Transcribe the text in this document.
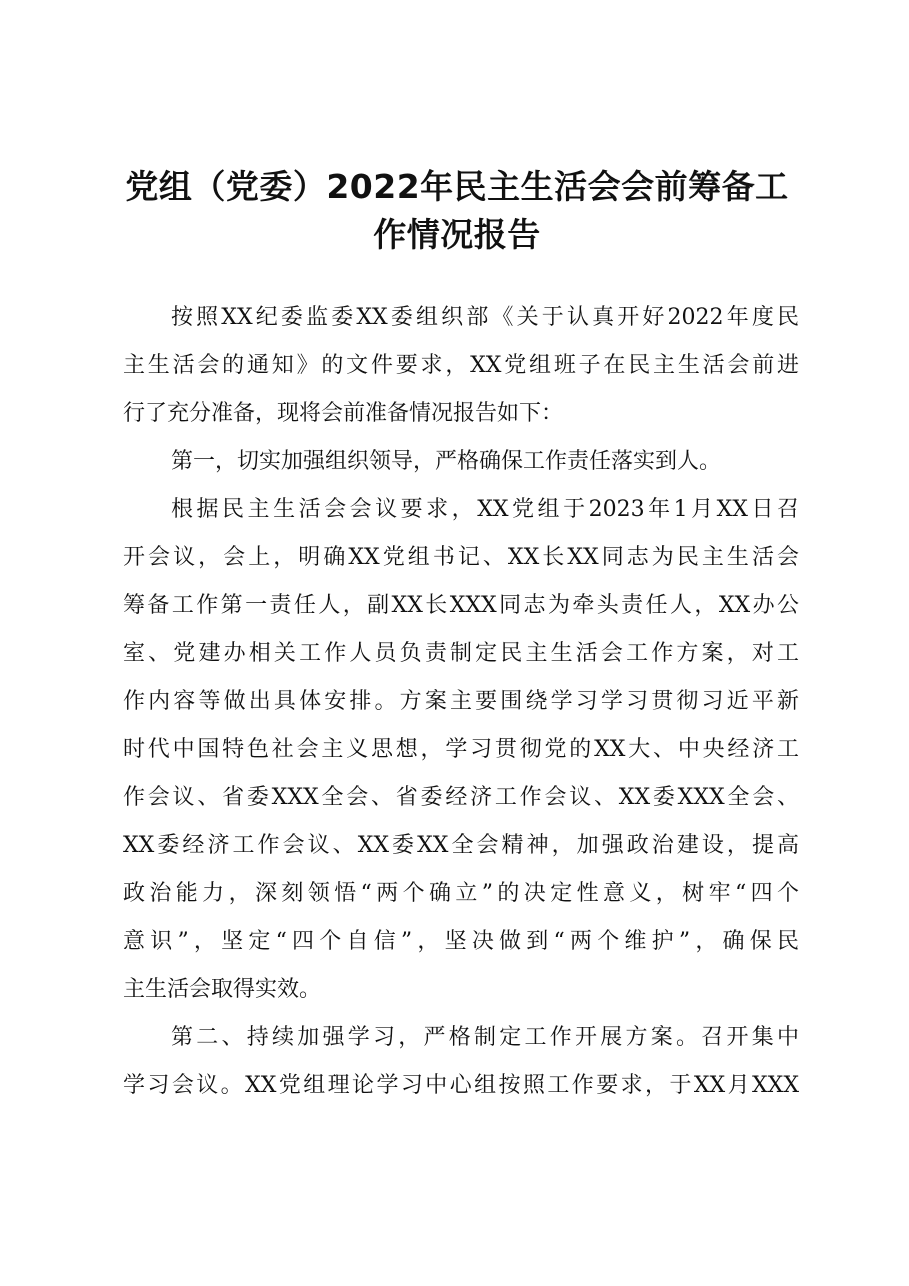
党组（党委）2022年民主生活会会前筹备工
作情况报告
按照XX纪委监委XX委组织部《关于认真开好2022年度民
主生活会的通知》的文件要求，XX党组班子在民主生活会前进
行了充分准备，现将会前准备情况报告如下：
第一，切实加强组织领导，严格确保工作责任落实到人。
根据民主生活会会议要求，XX党组于2023年1月XX日召
开会议，会上，明确XX党组书记、XX长XX同志为民主生活会
筹备工作第一责任人，副XX长XXX同志为牵头责任人，XX办公
室、党建办相关工作人员负责制定民主生活会工作方案，对工
作内容等做出具体安排。方案主要围绕学习学习贯彻习近平新
时代中国特色社会主义思想，学习贯彻党的XX大、中央经济工
作会议、省委XXX全会、省委经济工作会议、XX委XXX全会、
XX委经济工作会议、XX委XX全会精神，加强政治建设，提高
政治能力，深刻领悟“两个确立”的决定性意义，树牢“四个
意识”，坚定“四个自信”，坚决做到“两个维护”，确保民
主生活会取得实效。
第二、持续加强学习，严格制定工作开展方案。召开集中
学习会议。XX党组理论学习中心组按照工作要求，于XX月XXX
